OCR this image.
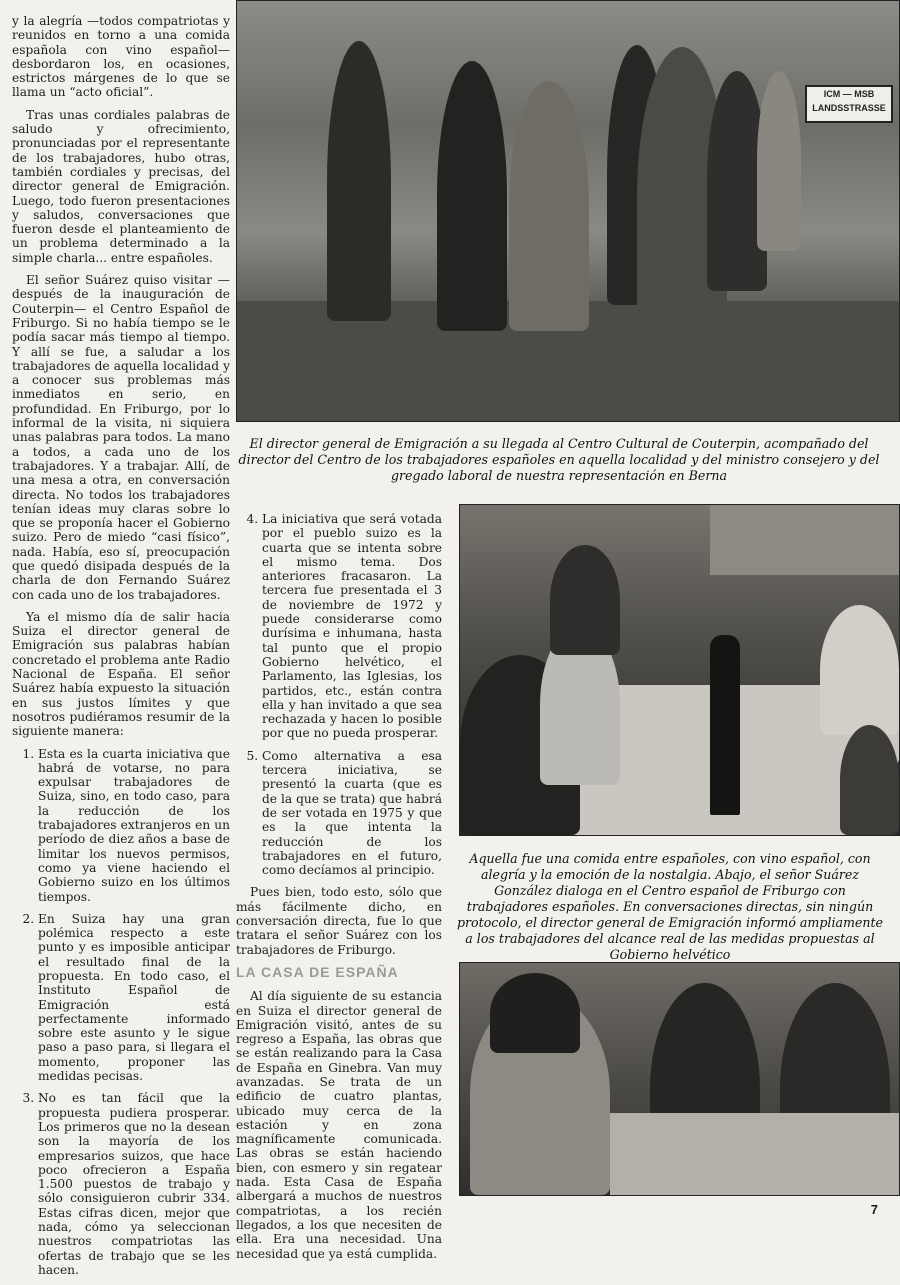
y la alegría —todos compatriotas y reunidos en torno a una comida española con vino español— desbordaron los, en ocasiones, estrictos márgenes de lo que se llama un “acto oficial”.

Tras unas cordiales palabras de saludo y ofrecimiento, pronunciadas por el representante de los trabajadores, hubo otras, también cordiales y precisas, del director general de Emigración. Luego, todo fueron presentaciones y saludos, conversaciones que fueron desde el planteamiento de un problema determinado a la simple charla... entre españoles.

El señor Suárez quiso visitar —después de la inauguración de Couterpin— el Centro Español de Friburgo. Si no había tiempo se le podía sacar más tiempo al tiempo. Y allí se fue, a saludar a los trabajadores de aquella localidad y a conocer sus problemas más inmediatos en serio, en profundidad. En Friburgo, por lo informal de la visita, ni siquiera unas palabras para todos. La mano a todos, a cada uno de los trabajadores. Y a trabajar. Allí, de una mesa a otra, en conversación directa. No todos los trabajadores tenían ideas muy claras sobre lo que se proponía hacer el Gobierno suizo. Pero de miedo “casi físico”, nada. Había, eso sí, preocupación que quedó disipada después de la charla de don Fernando Suárez con cada uno de los trabajadores.

Ya el mismo día de salir hacia Suiza el director general de Emigración sus palabras habían concretado el problema ante Radio Nacional de España. El señor Suárez había expuesto la situación en sus justos límites y que nosotros pudiéramos resumir de la siguiente manera:

1. Esta es la cuarta iniciativa que habrá de votarse, no para expulsar trabajadores de Suiza, sino, en todo caso, para la reducción de los trabajadores extranjeros en un período de diez años a base de limitar los nuevos permisos, como ya viene haciendo el Gobierno suizo en los últimos tiempos.
2. En Suiza hay una gran polémica respecto a este punto y es imposible anticipar el resultado final de la propuesta. En todo caso, el Instituto Español de Emigración está perfectamente informado sobre este asunto y le sigue paso a paso para, si llegara el momento, proponer las medidas pecisas.
3. No es tan fácil que la propuesta pudiera prosperar. Los primeros que no la desean son la mayoría de los empresarios suizos, que hace poco ofrecieron a España 1.500 puestos de trabajo y sólo consiguieron cubrir 334. Estas cifras dicen, mejor que nada, cómo ya seleccionan nuestros compatriotas las ofertas de trabajo que se les hacen.
ICM — MSB LANDSSTRASSE
El director general de Emigración a su llegada al Centro Cultural de Couterpin, acompañado del director del Centro de los trabajadores españoles en aquella localidad y del ministro consejero y del gregado laboral de nuestra representación en Berna
4. La iniciativa que será votada por el pueblo suizo es la cuarta que se intenta sobre el mismo tema. Dos anteriores fracasaron. La tercera fue presentada el 3 de noviembre de 1972 y puede considerarse como durísima e inhumana, hasta tal punto que el propio Gobierno helvético, el Parlamento, las Iglesias, los partidos, etc., están contra ella y han invitado a que sea rechazada y hacen lo posible por que no pueda prosperar.
5. Como alternativa a esa tercera iniciativa, se presentó la cuarta (que es de la que se trata) que habrá de ser votada en 1975 y que es la que intenta la reducción de los trabajadores en el futuro, como decíamos al principio.

Pues bien, todo esto, sólo que más fácilmente dicho, en conversación directa, fue lo que tratara el señor Suárez con los trabajadores de Friburgo.

LA CASA DE ESPAÑA

Al día siguiente de su estancia en Suiza el director general de Emigración visitó, antes de su regreso a España, las obras que se están realizando para la Casa de España en Ginebra. Van muy avanzadas. Se trata de un edificio de cuatro plantas, ubicado muy cerca de la estación y en zona magníficamente comunicada. Las obras se están haciendo bien, con esmero y sin regatear nada. Esta Casa de España albergará a muchos de nuestros compatriotas, a los recién llegados, a los que necesiten de ella. Era una necesidad. Una necesidad que ya está cumplida.

Aquella fue una comida entre españoles, con vino español, con alegría y la emoción de la nostalgia. Abajo, el señor Suárez González dialoga en el Centro español de Friburgo con trabajadores españoles. En conversaciones directas, sin ningún protocolo, el director general de Emigración informó ampliamente a los trabajadores del alcance real de las medidas propuestas al Gobierno helvético
7
